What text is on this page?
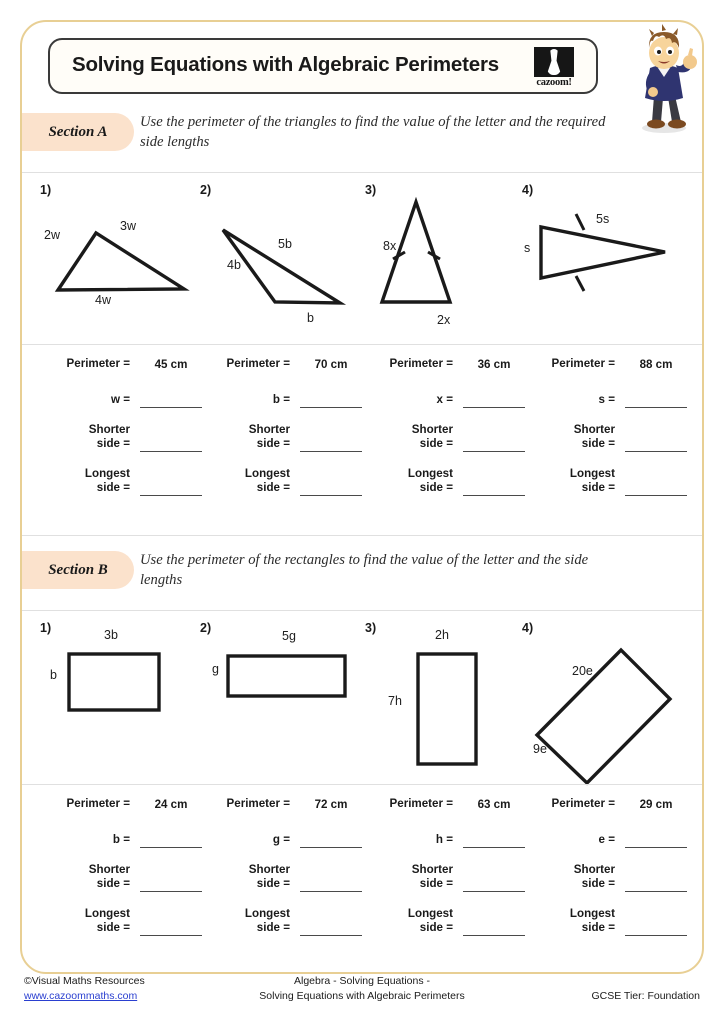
Solving Equations with Algebraic Perimeters
cazoom!
Section A
Use the perimeter of the triangles to find the value of the letter and the required side lengths
1)	2)	3)	4)
2w
3w
4w
4b
5b
b
8x
2x
s
5s
Perimeter =	45 cm
w =
Shorter side =
Longest side =
Perimeter =	70 cm
b =
Shorter side =
Longest side =
Perimeter =	36 cm
x =
Shorter side =
Longest side =
Perimeter =	88 cm
s =
Shorter side =
Longest side =
Section B
Use the perimeter of the rectangles to find the value of the letter and the side lengths
1)	2)	3)	4)
3b
b
5g
g
2h
7h
20e
9e
Perimeter =	24 cm
b =
Shorter side =
Longest side =
Perimeter =	72 cm
g =
Shorter side =
Longest side =
Perimeter =	63 cm
h =
Shorter side =
Longest side =
Perimeter =	29 cm
e =
Shorter side =
Longest side =
©Visual Maths Resources
www.cazoommaths.com
Algebra - Solving Equations -
Solving Equations with Algebraic Perimeters	GCSE Tier: Foundation
